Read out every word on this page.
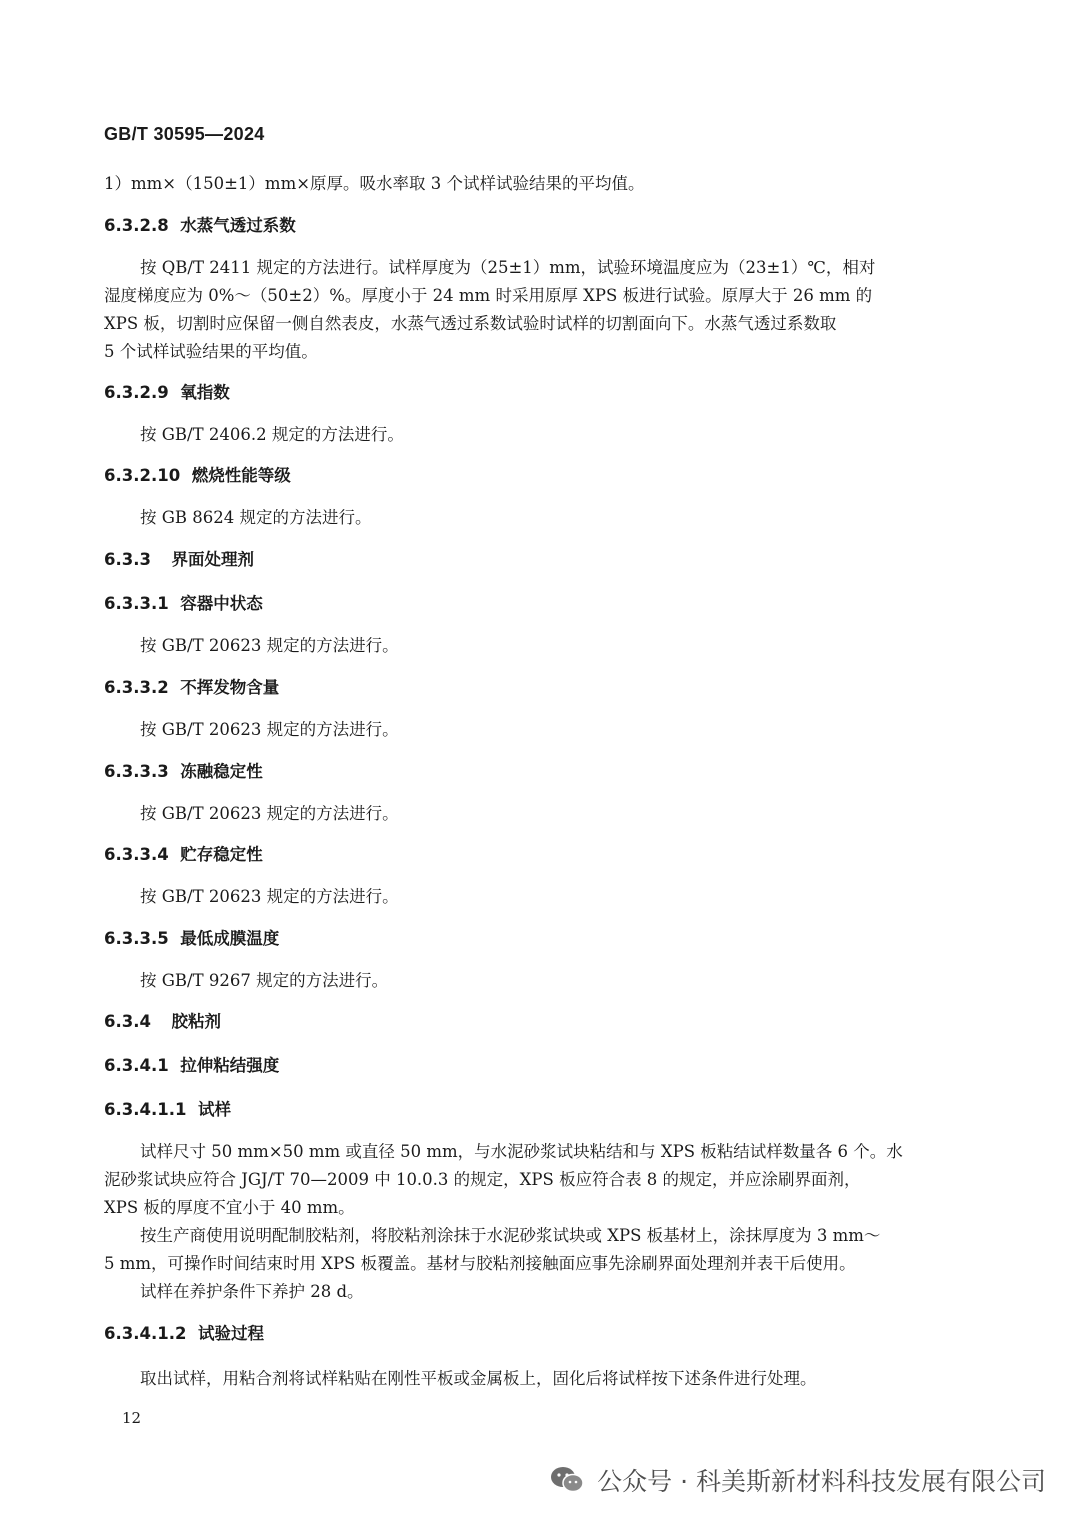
GB/T 30595—2024
1）mm×（150±1）mm×原厚。吸水率取 3 个试样试验结果的平均值。
6.3.2.8 水蒸气透过系数
按 QB/T 2411 规定的方法进行。试样厚度为（25±1）mm，试验环境温度应为（23±1）℃，相对
湿度梯度应为 0%～（50±2）%。厚度小于 24 mm 时采用原厚 XPS 板进行试验。原厚大于 26 mm 的
XPS 板，切割时应保留一侧自然表皮，水蒸气透过系数试验时试样的切割面向下。水蒸气透过系数取
5 个试样试验结果的平均值。
6.3.2.9 氧指数
按 GB/T 2406.2 规定的方法进行。
6.3.2.10 燃烧性能等级
按 GB 8624 规定的方法进行。
6.3.3 界面处理剂
6.3.3.1 容器中状态
按 GB/T 20623 规定的方法进行。
6.3.3.2 不挥发物含量
按 GB/T 20623 规定的方法进行。
6.3.3.3 冻融稳定性
按 GB/T 20623 规定的方法进行。
6.3.3.4 贮存稳定性
按 GB/T 20623 规定的方法进行。
6.3.3.5 最低成膜温度
按 GB/T 9267 规定的方法进行。
6.3.4 胶粘剂
6.3.4.1 拉伸粘结强度
6.3.4.1.1 试样
试样尺寸 50 mm×50 mm 或直径 50 mm，与水泥砂浆试块粘结和与 XPS 板粘结试样数量各 6 个。水
泥砂浆试块应符合 JGJ/T 70—2009 中 10.0.3 的规定，XPS 板应符合表 8 的规定，并应涂刷界面剂，
XPS 板的厚度不宜小于 40 mm。
按生产商使用说明配制胶粘剂，将胶粘剂涂抹于水泥砂浆试块或 XPS 板基材上，涂抹厚度为 3 mm～
5 mm，可操作时间结束时用 XPS 板覆盖。基材与胶粘剂接触面应事先涂刷界面处理剂并表干后使用。
试样在养护条件下养护 28 d。
6.3.4.1.2 试验过程
取出试样，用粘合剂将试样粘贴在刚性平板或金属板上，固化后将试样按下述条件进行处理。
12
公众号 · 科美斯新材料科技发展有限公司
